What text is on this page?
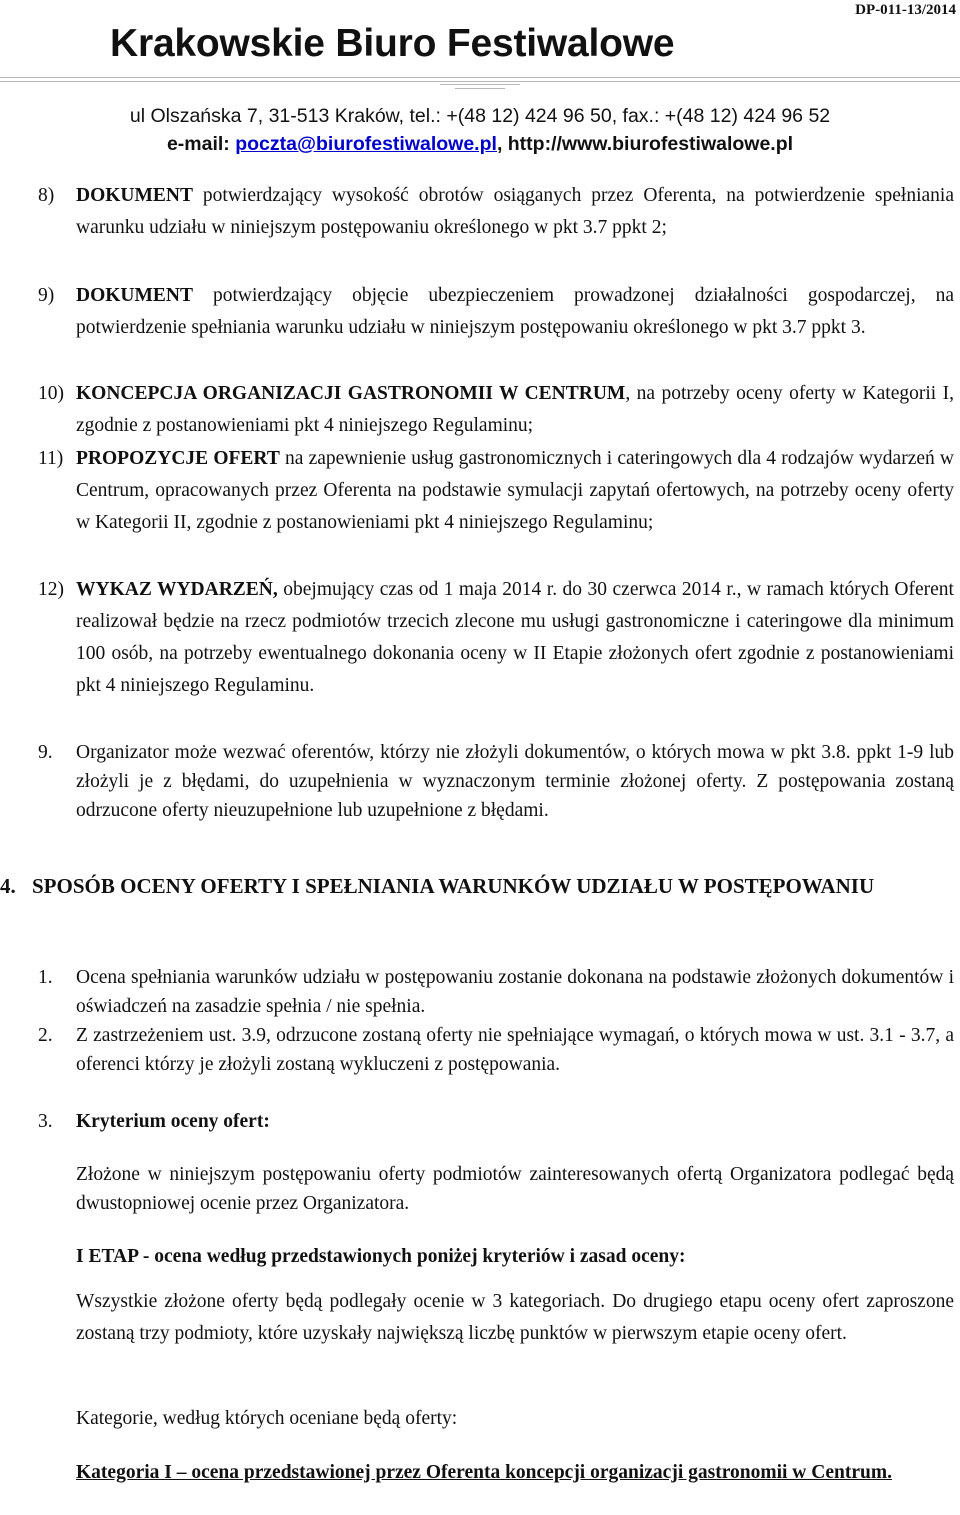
DP-011-13/2014
Krakowskie Biuro Festiwalowe
ul Olszańska 7, 31-513 Kraków, tel.: +(48 12) 424 96 50, fax.: +(48 12) 424 96 52
e-mail: poczta@biurofestiwalowe.pl, http://www.biurofestiwalowe.pl
8) DOKUMENT potwierdzający wysokość obrotów osiąganych przez Oferenta, na potwierdzenie spełniania warunku udziału w niniejszym postępowaniu określonego w pkt 3.7 ppkt 2;
9) DOKUMENT potwierdzający objęcie ubezpieczeniem prowadzonej działalności gospodarczej, na potwierdzenie spełniania warunku udziału w niniejszym postępowaniu określonego w pkt 3.7 ppkt 3.
10) KONCEPCJA ORGANIZACJI GASTRONOMII W CENTRUM, na potrzeby oceny oferty w Kategorii I, zgodnie z postanowieniami pkt 4 niniejszego Regulaminu;
11) PROPOZYCJE OFERT na zapewnienie usług gastronomicznych i cateringowych dla 4 rodzajów wydarzeń w Centrum, opracowanych przez Oferenta na podstawie symulacji zapytań ofertowych, na potrzeby oceny oferty w Kategorii II, zgodnie z postanowieniami pkt 4 niniejszego Regulaminu;
12) WYKAZ WYDARZEŃ, obejmujący czas od 1 maja 2014 r. do 30 czerwca 2014 r., w ramach których Oferent realizował będzie na rzecz podmiotów trzecich zlecone mu usługi gastronomiczne i cateringowe dla minimum 100 osób, na potrzeby ewentualnego dokonania oceny w II Etapie złożonych ofert zgodnie z postanowieniami pkt 4 niniejszego Regulaminu.
9. Organizator może wezwać oferentów, którzy nie złożyli dokumentów, o których mowa w pkt 3.8. ppkt 1-9 lub złożyli je z błędami, do uzupełnienia w wyznaczonym terminie złożonej oferty. Z postępowania zostaną odrzucone oferty nieuzupełnione lub uzupełnione z błędami.
4. SPOSÓB OCENY OFERTY I SPEŁNIANIA WARUNKÓW UDZIAŁU W POSTĘPOWANIU
1. Ocena spełniania warunków udziału w postępowaniu zostanie dokonana na podstawie złożonych dokumentów i oświadczeń na zasadzie spełnia / nie spełnia.
2. Z zastrzeżeniem ust. 3.9, odrzucone zostaną oferty nie spełniające wymagań, o których mowa w ust. 3.1 - 3.7, a oferenci którzy je złożyli zostaną wykluczeni z postępowania.
3. Kryterium oceny ofert:
Złożone w niniejszym postępowaniu oferty podmiotów zainteresowanych ofertą Organizatora podlegać będą dwustopniowej ocenie przez Organizatora.
I ETAP - ocena według przedstawionych poniżej kryteriów i zasad oceny:
Wszystkie złożone oferty będą podlegały ocenie w 3 kategoriach. Do drugiego etapu oceny ofert zaproszone zostaną trzy podmioty, które uzyskały największą liczbę punktów w pierwszym etapie oceny ofert.
Kategorie, według których oceniane będą oferty:
Kategoria I – ocena przedstawionej przez Oferenta koncepcji organizacji gastronomii w Centrum.
